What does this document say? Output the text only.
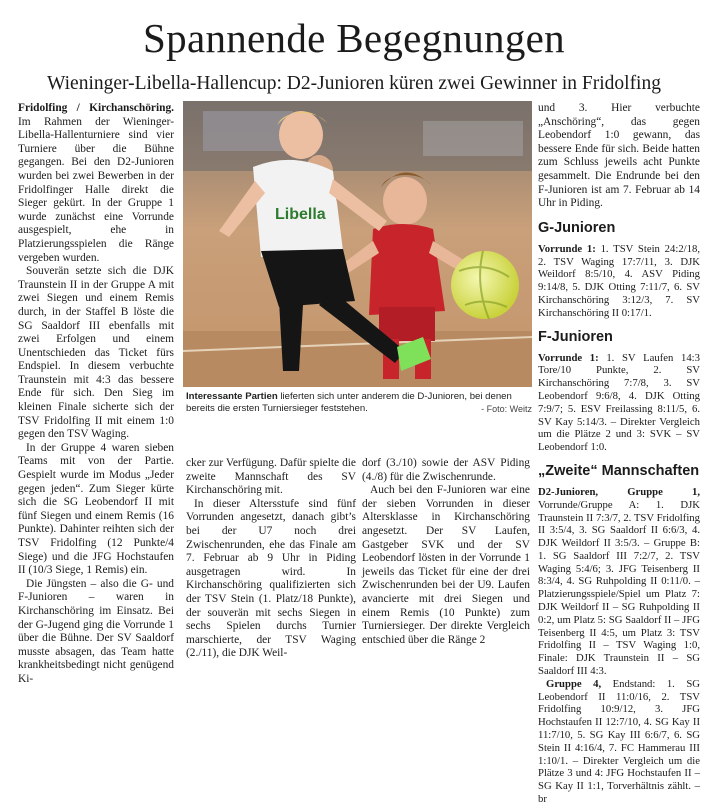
Spannende Begegnungen
Wieninger-Libella-Hallencup: D2-Junioren küren zwei Gewinner in Fridolfing

Fridolfing / Kirchanschöring. Im Rahmen der Wieninger-Libella-Hallenturniere sind vier Turniere über die Bühne gegangen. Bei den D2-Junioren wurden bei zwei Bewerben in der Fridolfinger Halle direkt die Sieger gekürt. In der Gruppe 1 wurde zunächst eine Vorrunde ausgespielt, ehe in Platzierungsspielen die Ränge vergeben wurden.

Souverän setzte sich die DJK Traunstein II in der Gruppe A mit zwei Siegen und einem Remis durch, in der Staffel B löste die SG Saaldorf III ebenfalls mit zwei Erfolgen und einem Unentschieden das Ticket fürs Endspiel. In diesem verbuchte Traunstein mit 4:3 das bessere Ende für sich. Den Sieg im kleinen Finale sicherte sich der TSV Fridolfing II mit einem 1:0 gegen den TSV Waging.

In der Gruppe 4 waren sieben Teams mit von der Partie. Gespielt wurde im Modus „Jeder gegen jeden“. Zum Sieger kürte sich die SG Leobendorf II mit fünf Siegen und einem Remis (16 Punkte). Dahinter reihten sich der TSV Fridolfing (12 Punkte/4 Siege) und die JFG Hochstaufen II (10/3 Siege, 1 Remis) ein.

Die Jüngsten – also die G- und F-Junioren – waren in Kirchanschöring im Einsatz. Bei der G-Jugend ging die Vorrunde 1 über die Bühne. Der SV Saaldorf musste absagen, das Team hatte krankheitsbedingt nicht genügend Ki-

Libella
Interessante Partien lieferten sich unter anderem die D-Junioren, bei denen bereits die ersten Turniersieger feststehen.	- Foto: Weitz

cker zur Verfügung. Dafür spielte die zweite Mannschaft des SV Kirchanschöring mit.

In dieser Altersstufe sind fünf Vorrunden angesetzt, danach gibt’s bei der U7 noch drei Zwischenrunden, ehe das Finale am 7. Februar ab 9 Uhr in Piding ausgetragen wird. In Kirchanschöring qualifizierten sich der TSV Stein (1. Platz/18 Punkte), der souverän mit sechs Siegen in sechs Spielen durchs Turnier marschierte, der TSV Waging (2./11), die DJK Weil-

dorf (3./10) sowie der ASV Piding (4./8) für die Zwischenrunde.

Auch bei den F-Junioren war eine der sieben Vorrunden in dieser Altersklasse in Kirchanschöring angesetzt. Der SV Laufen, Gastgeber SVK und der SV Leobendorf lösten in der Vorrunde 1 jeweils das Ticket für eine der drei Zwischenrunden bei der U9. Laufen avancierte mit drei Siegen und einem Remis (10 Punkte) zum Turniersieger. Der direkte Vergleich entschied über die Ränge 2

und 3. Hier verbuchte „Anschöring“, das gegen Leobendorf 1:0 gewann, das bessere Ende für sich. Beide hatten zum Schluss jeweils acht Punkte gesammelt. Die Endrunde bei den F-Junioren ist am 7. Februar ab 14 Uhr in Piding.

G-Junioren

Vorrunde 1: 1. TSV Stein 24:2/18, 2. TSV Waging 17:7/11, 3. DJK Weildorf 8:5/10, 4. ASV Piding 9:14/8, 5. DJK Otting 7:11/7, 6. SV Kirchanschöring 3:12/3, 7. SV Kirchanschöring II 0:17/1.

F-Junioren

Vorrunde 1: 1. SV Laufen 14:3 Tore/10 Punkte, 2. SV Kirchanschöring 7:7/8, 3. SV Leobendorf 9:6/8, 4. DJK Otting 7:9/7; 5. ESV Freilassing 8:11/5, 6. SV Kay 5:14/3. – Direkter Vergleich um die Plätze 2 und 3: SVK – SV Leobendorf 1:0.

„Zweite“ Mannschaften

D2-Junioren, Gruppe 1, Vorrunde/Gruppe A: 1. DJK Traunstein II 7:3/7, 2. TSV Fridolfing II 3:5/4, 3. SG Saaldorf II 6:6/3, 4. DJK Weildorf II 3:5/3. – Gruppe B: 1. SG Saaldorf III 7:2/7, 2. TSV Waging 5:4/6; 3. JFG Teisenberg II 8:3/4, 4. SG Ruhpolding II 0:11/0. – Platzierungsspiele/Spiel um Platz 7: DJK Weildorf II – SG Ruhpolding II 0:2, um Platz 5: SG Saaldorf II – JFG Teisenberg II 4:5, um Platz 3: TSV Fridolfing II – TSV Waging 1:0, Finale: DJK Traunstein II – SG Saaldorf III 4:3.

Gruppe 4, Endstand: 1. SG Leobendorf II 11:0/16, 2. TSV Fridolfing 10:9/12, 3. JFG Hochstaufen II 12:7/10, 4. SG Kay II 11:7/10, 5. SG Kay III 6:6/7, 6. SG Stein II 4:16/4, 7. FC Hammerau III 1:10/1. – Direkter Vergleich um die Plätze 3 und 4: JFG Hochstaufen II – SG Kay II 1:1, Torverhältnis zählt. – br
